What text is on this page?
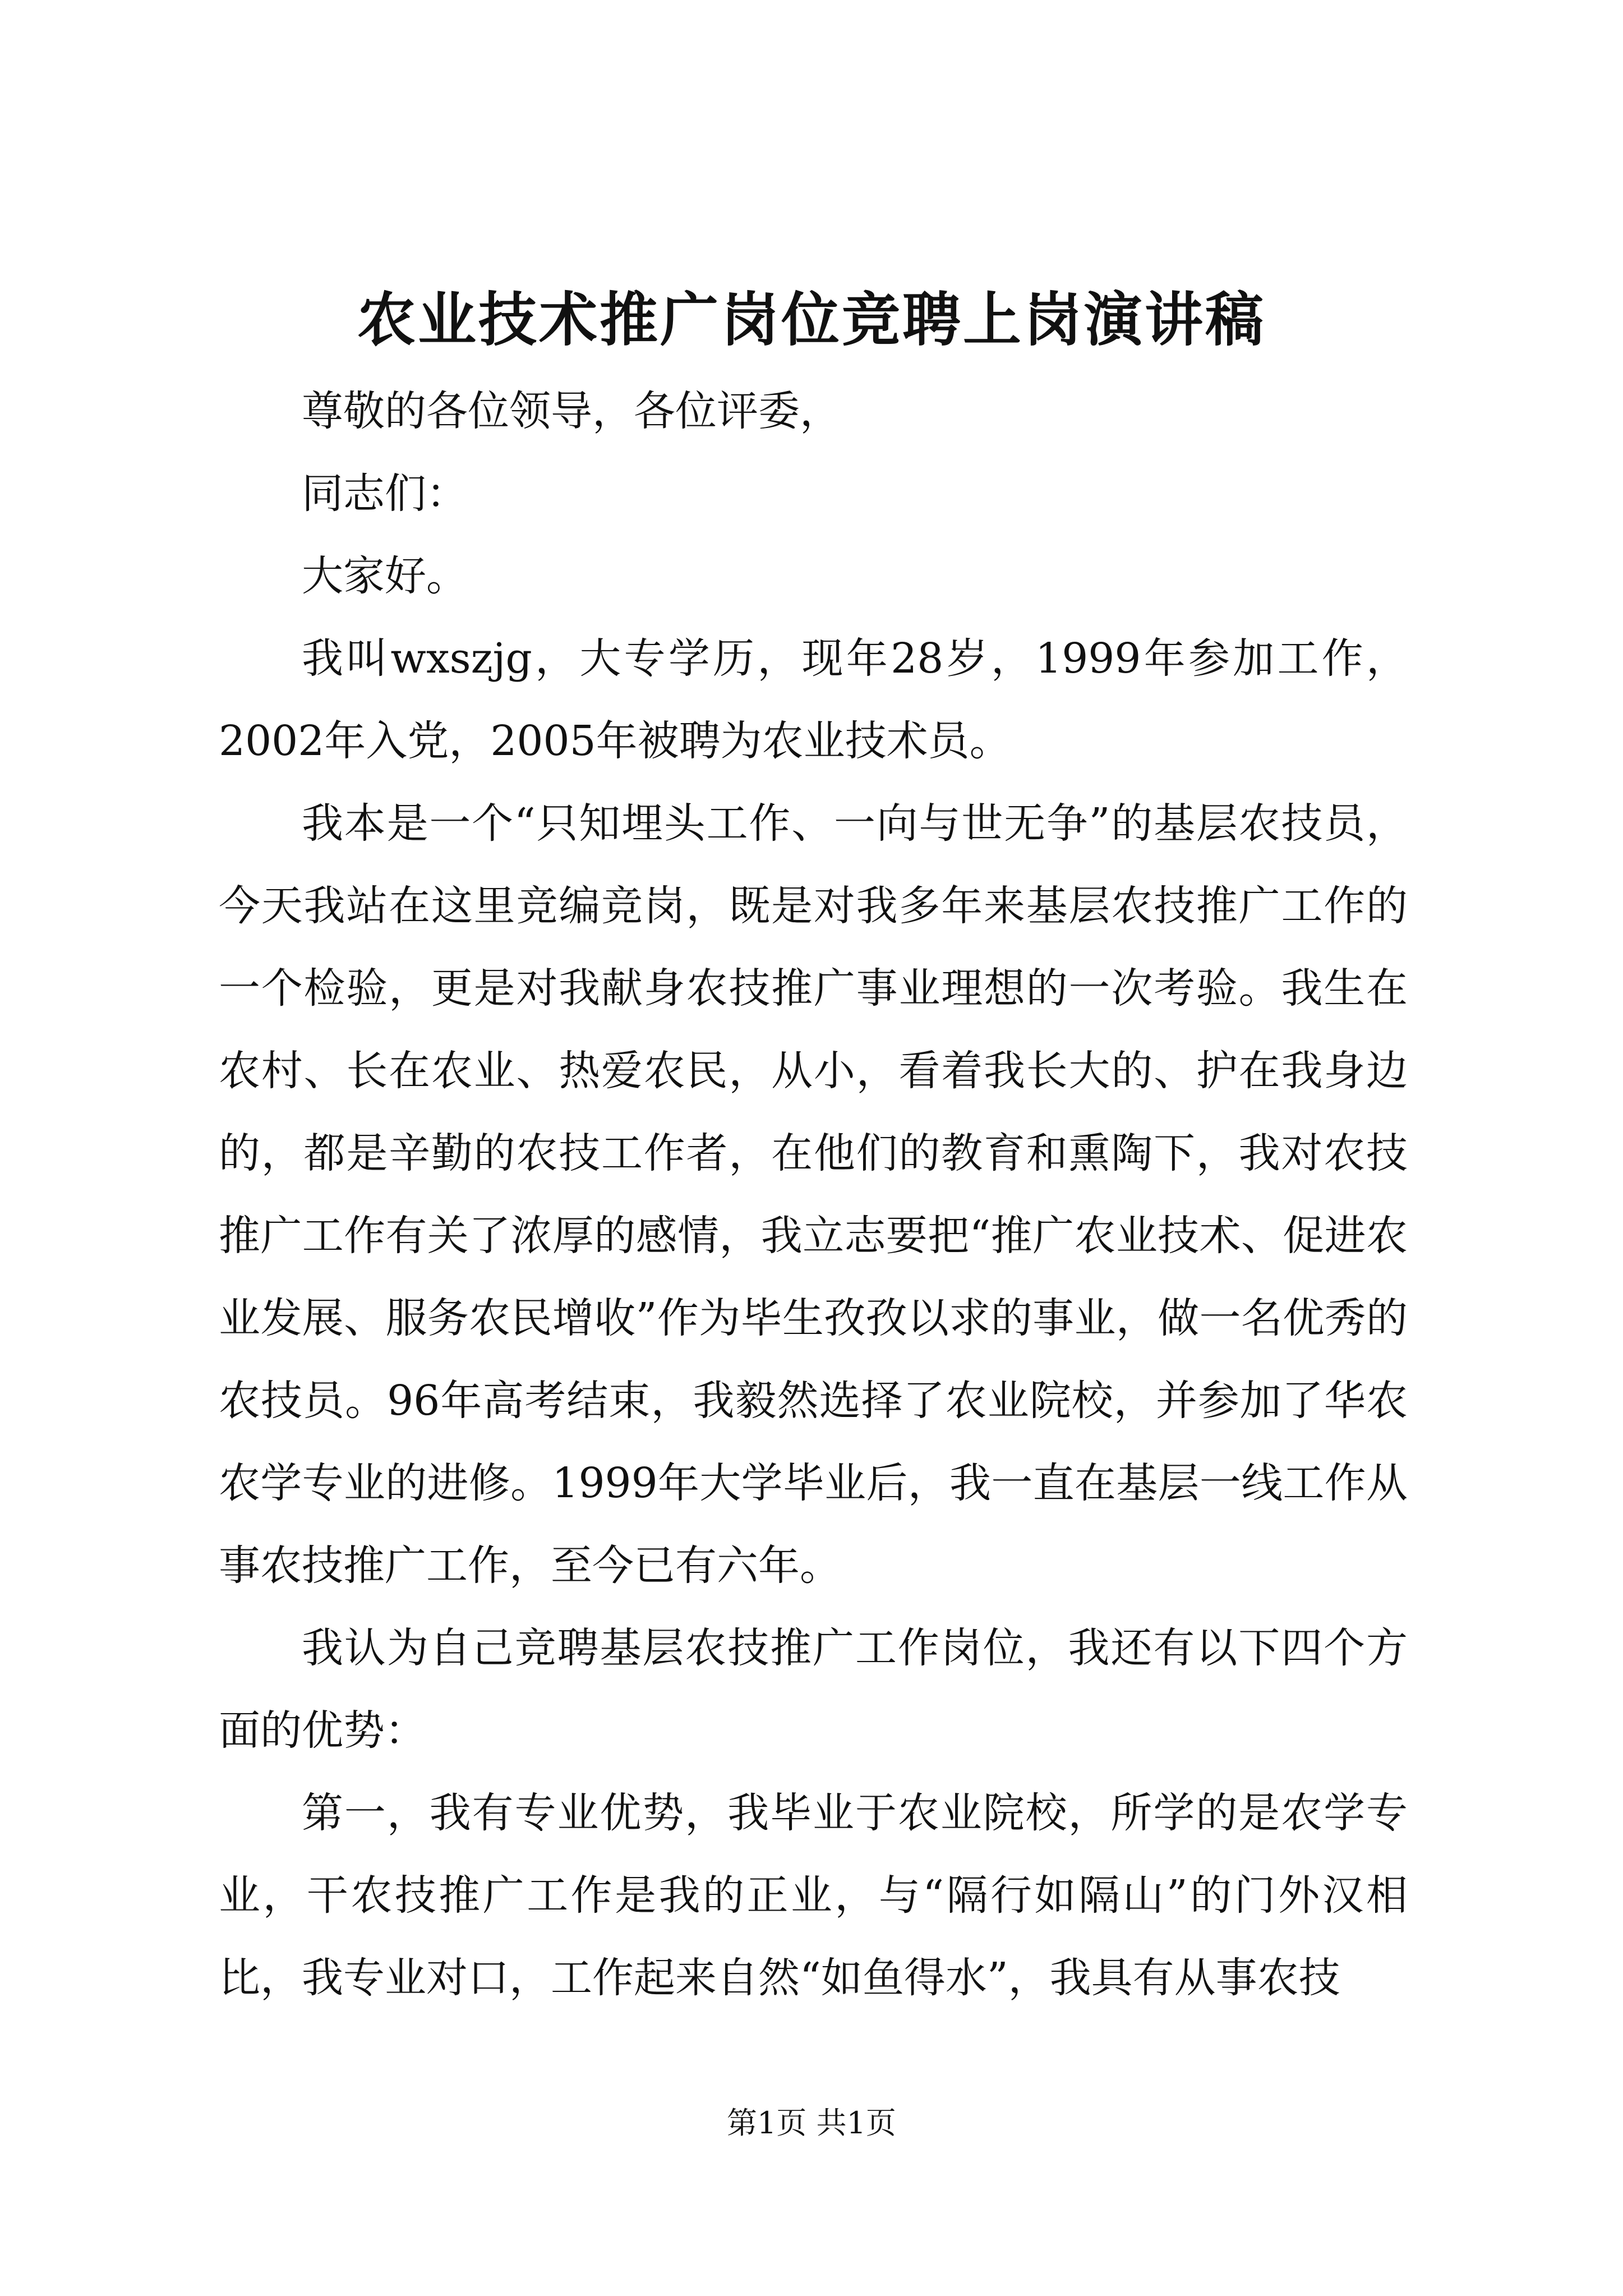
农业技术推广岗位竞聘上岗演讲稿

尊敬的各位领导，各位评委，

同志们：

大家好。

我叫wxszjg，大专学历，现年28岁，1999年参加工作，2002年入党，2005年被聘为农业技术员。

我本是一个“只知埋头工作、一向与世无争”的基层农技员，今天我站在这里竞编竞岗，既是对我多年来基层农技推广工作的一个检验，更是对我献身农技推广事业理想的一次考验。我生在农村、长在农业、热爱农民，从小，看着我长大的、护在我身边的，都是辛勤的农技工作者，在他们的教育和熏陶下，我对农技推广工作有关了浓厚的感情，我立志要把“推广农业技术、促进农业发展、服务农民增收”作为毕生孜孜以求的事业，做一名优秀的农技员。96年高考结束，我毅然选择了农业院校，并参加了华农农学专业的进修。1999年大学毕业后，我一直在基层一线工作从事农技推广工作，至今已有六年。

我认为自己竞聘基层农技推广工作岗位，我还有以下四个方面的优势：

第一，我有专业优势，我毕业于农业院校，所学的是农学专业，干农技推广工作是我的正业，与“隔行如隔山”的门外汉相比，我专业对口，工作起来自然“如鱼得水”，我具有从事农技

第1页 共1页
